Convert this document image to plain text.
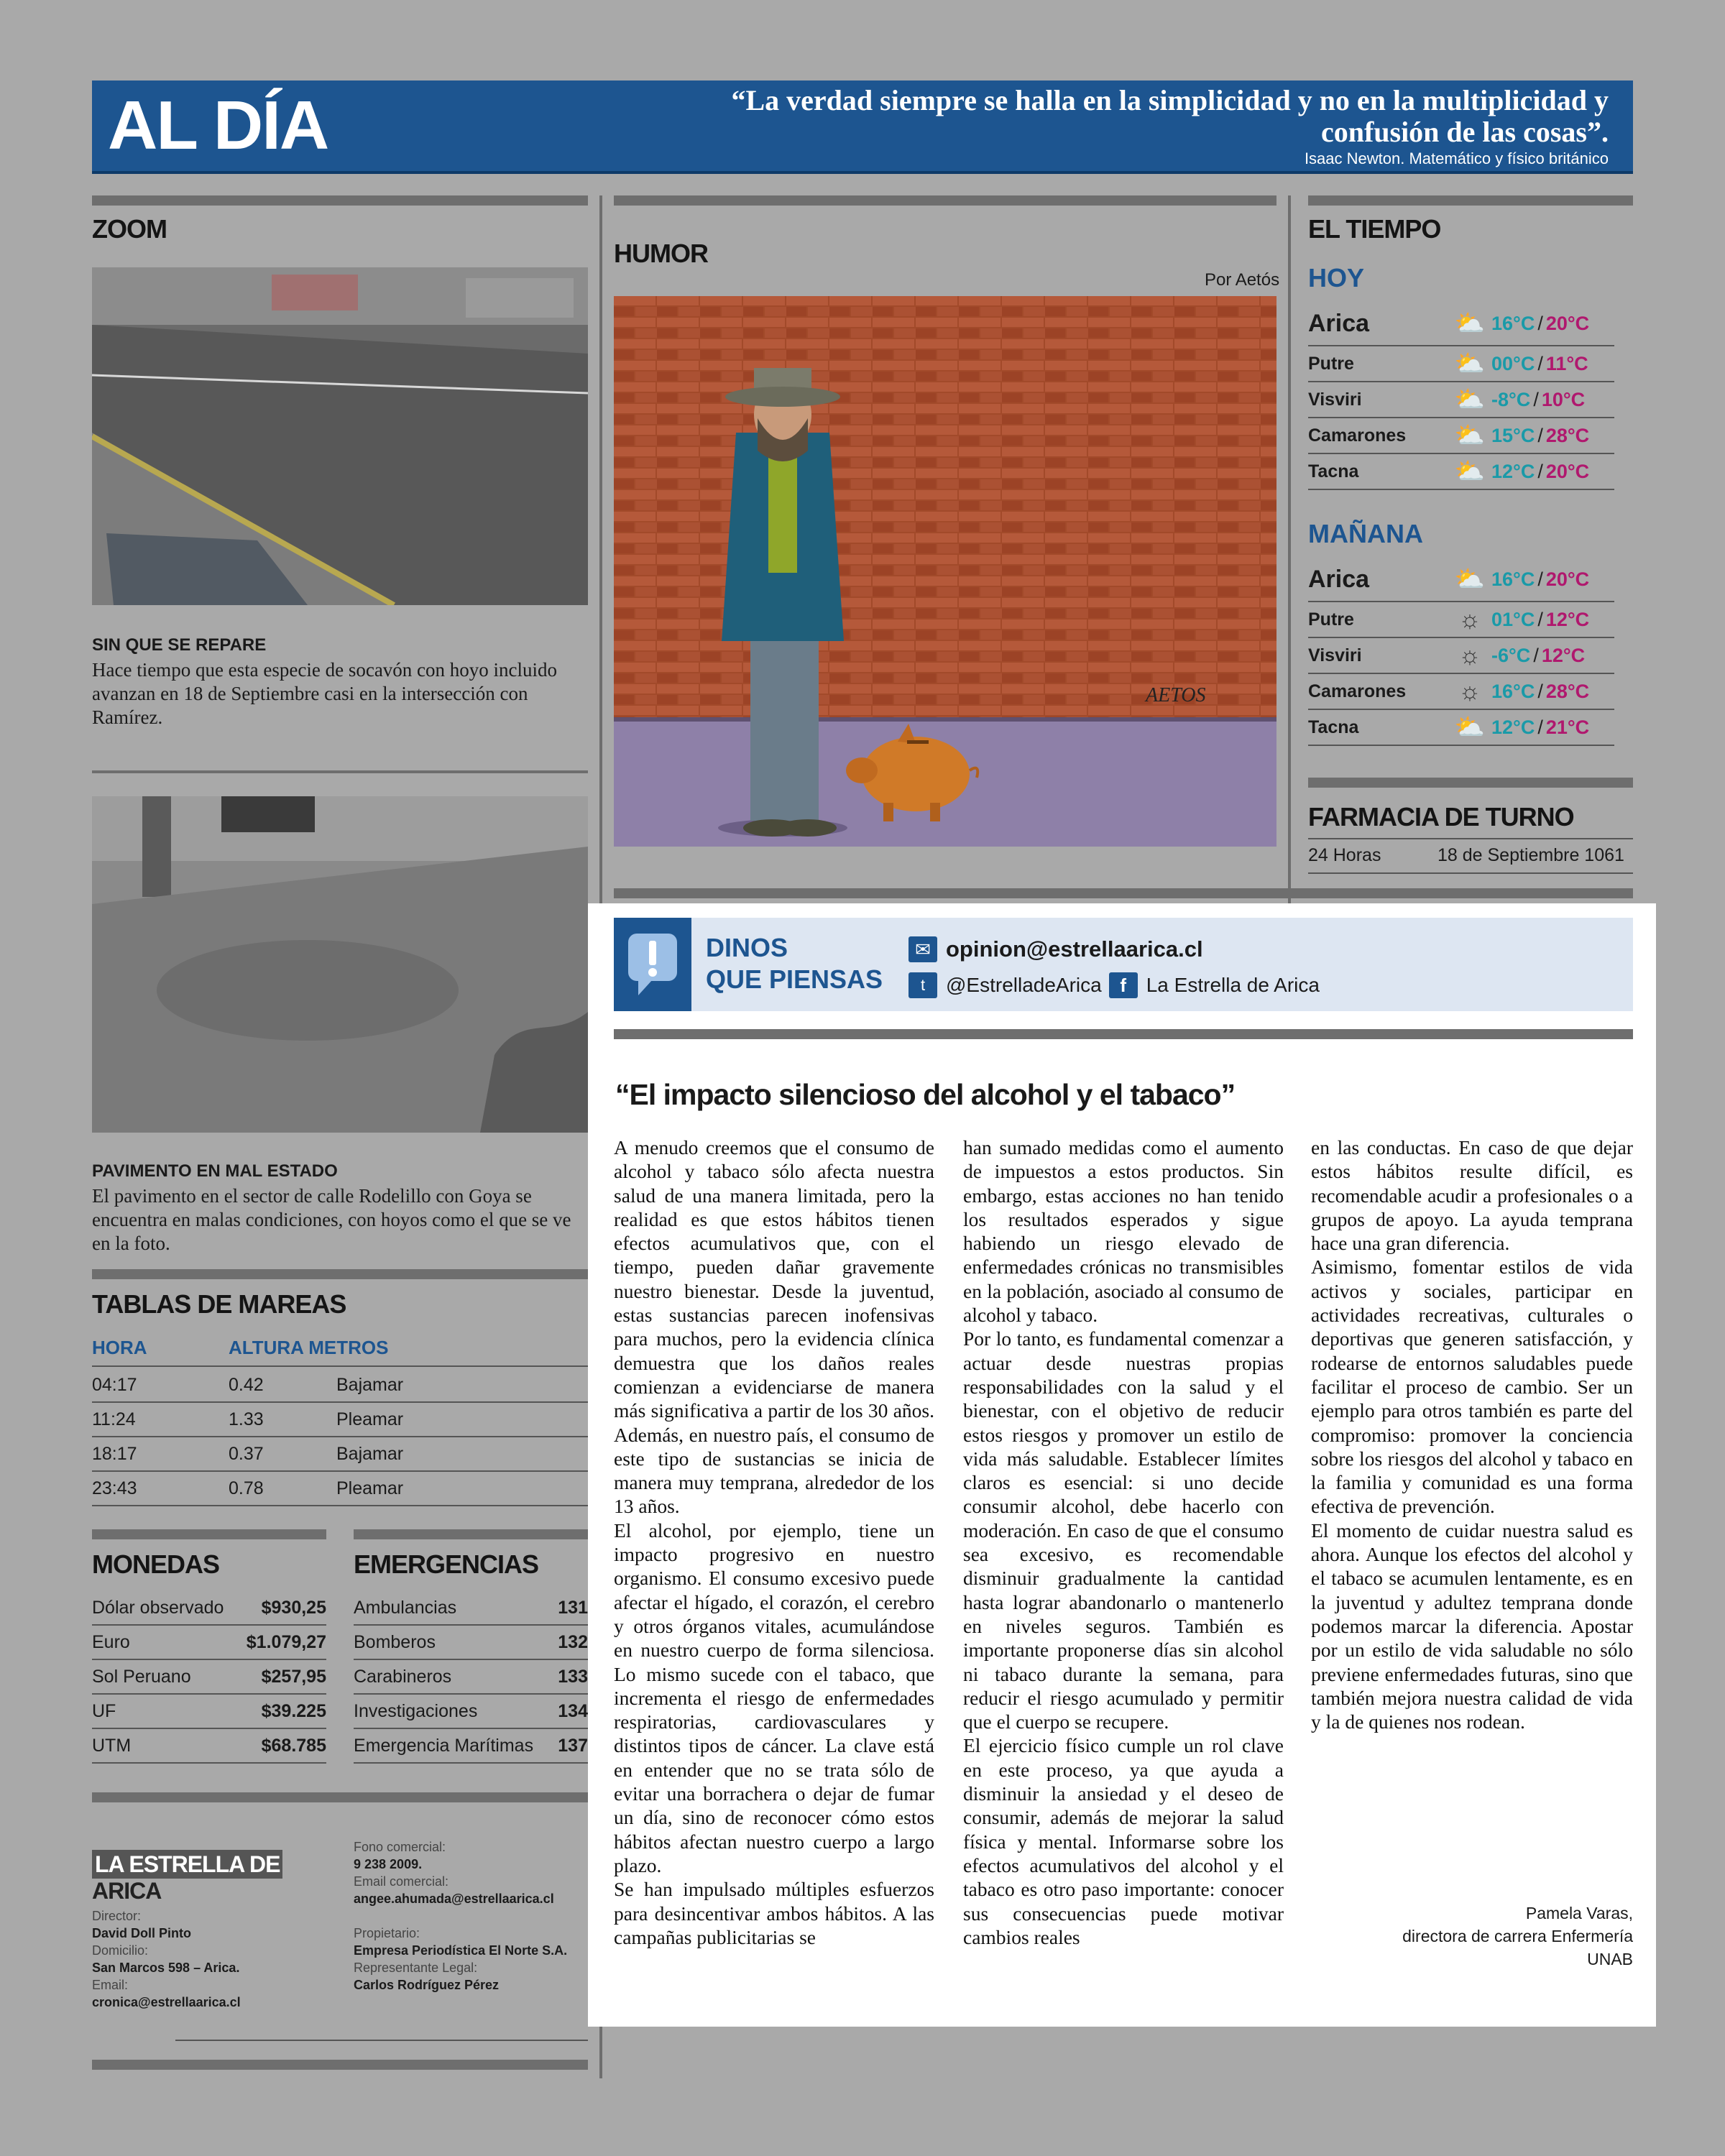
AL DÍA	“La verdad siempre se halla en la simplicidad y no en la multiplicidad y confusión de las cosas”.
Isaac Newton. Matemático y físico británico
ZOOM
SIN QUE SE REPARE
Hace tiempo que esta especie de socavón con hoyo incluido avanzan en 18 de Septiembre casi en la intersección con Ramírez.
PAVIMENTO EN MAL ESTADO
El pavimento en el sector de calle Rodelillo con Goya se encuentra en malas condiciones, con hoyos como el que se ve en la foto.
TABLAS DE MAREAS
HORA	ALTURA METROS
04:17	0.42	Bajamar
11:24	1.33	Pleamar
18:17	0.37	Bajamar
23:43	0.78	Pleamar
MONEDAS
Dólar observado	$930,25
Euro	$1.079,27
Sol Peruano	$257,95
UF	$39.225
UTM	$68.785
EMERGENCIAS
Ambulancias	131
Bomberos	132
Carabineros	133
Investigaciones	134
Emergencia Marítimas	137
LA ESTRELLA DE ARICA
Director:
David Doll Pinto
Domicilio:
San Marcos 598 – Arica.
Email:
cronica@estrellaarica.cl
Fono comercial:
9 238 2009.
Email comercial:
angee.ahumada@estrellaarica.cl
Propietario:
Empresa Periodística El Norte S.A.
Representante Legal:
Carlos Rodríguez Pérez
HUMOR
Por Aetós
AETOS
EL TIEMPO
HOY
Arica	⛅ 16°C / 20°C
Putre	⛅ 00°C / 11°C
Visviri	⛅ -8°C / 10°C
Camarones	⛅ 15°C / 28°C
Tacna	⛅ 12°C / 20°C
MAÑANA
Arica	⛅ 16°C / 20°C
Putre	☼ 01°C / 12°C
Visviri	☼ -6°C / 12°C
Camarones	☼ 16°C / 28°C
Tacna	⛅ 12°C / 21°C
FARMACIA DE TURNO
24 Horas	18 de Septiembre 1061
DINOS
QUE PIENSAS
✉ opinion@estrellaarica.cl
t	@EstrelladeArica f La Estrella de Arica
“El impacto silencioso del alcohol y el tabaco”

A menudo creemos que el consumo de alcohol y tabaco sólo afecta nuestra salud de una manera limitada, pero la realidad es que estos hábitos tienen efectos acumulativos que, con el tiempo, pueden dañar gravemente nuestro bienestar. Desde la juventud, estas sustancias parecen inofensivas para muchos, pero la evidencia clínica demuestra que los daños reales comienzan a evidenciarse de manera más significativa a partir de los 30 años. Además, en nuestro país, el consumo de este tipo de sustancias se inicia de manera muy temprana, alrededor de los 13 años.

El alcohol, por ejemplo, tiene un impacto progresivo en nuestro organismo. El consumo excesivo puede afectar el hígado, el corazón, el cerebro y otros órganos vitales, acumulándose en nuestro cuerpo de forma silenciosa. Lo mismo sucede con el tabaco, que incrementa el riesgo de enfermedades respiratorias, cardiovasculares y distintos tipos de cáncer. La clave está en entender que no se trata sólo de evitar una borrachera o dejar de fumar un día, sino de reconocer cómo estos hábitos afectan nuestro cuerpo a largo plazo.

Se han impulsado múltiples esfuerzos para desincentivar ambos hábitos. A las campañas publicitarias se

han sumado medidas como el aumento de impuestos a estos productos. Sin embargo, estas acciones no han tenido los resultados esperados y sigue habiendo un riesgo elevado de enfermedades crónicas no transmisibles en la población, asociado al consumo de alcohol y tabaco.

Por lo tanto, es fundamental comenzar a actuar desde nuestras propias responsabilidades con la salud y el bienestar, con el objetivo de reducir estos riesgos y promover un estilo de vida más saludable. Establecer límites claros es esencial: si uno decide consumir alcohol, debe hacerlo con moderación. En caso de que el consumo sea excesivo, es recomendable disminuir gradualmente la cantidad hasta lograr abandonarlo o mantenerlo en niveles seguros. También es importante proponerse días sin alcohol ni tabaco durante la semana, para reducir el riesgo acumulado y permitir que el cuerpo se recupere.

El ejercicio físico cumple un rol clave en este proceso, ya que ayuda a disminuir la ansiedad y el deseo de consumir, además de mejorar la salud física y mental. Informarse sobre los efectos acumulativos del alcohol y el tabaco es otro paso importante: conocer sus consecuencias puede motivar cambios reales

en las conductas. En caso de que dejar estos hábitos resulte difícil, es recomendable acudir a profesionales o a grupos de apoyo. La ayuda temprana hace una gran diferencia.

Asimismo, fomentar estilos de vida activos y sociales, participar en actividades recreativas, culturales o deportivas que generen satisfacción, y rodearse de entornos saludables puede facilitar el proceso de cambio. Ser un ejemplo para otros también es parte del compromiso: promover la conciencia sobre los riesgos del alcohol y tabaco en la familia y comunidad es una forma efectiva de prevención.

El momento de cuidar nuestra salud es ahora. Aunque los efectos del alcohol y el tabaco se acumulen lentamente, es en la juventud y adultez temprana donde podemos marcar la diferencia. Apostar por un estilo de vida saludable no sólo previene enfermedades futuras, sino que también mejora nuestra calidad de vida y la de quienes nos rodean.

Pamela Varas,
directora de carrera Enfermería
UNAB
